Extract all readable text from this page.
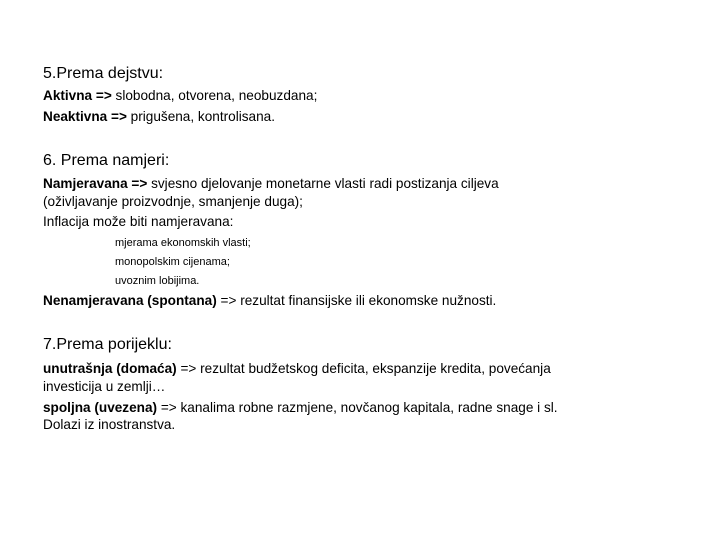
5.Prema dejstvu:
Aktivna => slobodna, otvorena, neobuzdana;
Neaktivna => prigušena, kontrolisana.
6. Prema namjeri:
Namjeravana => svjesno djelovanje monetarne vlasti radi postizanja ciljeva
(oživljavanje proizvodnje, smanjenje duga);
Inflacija može biti namjeravana:
mjerama ekonomskih vlasti;
monopolskim cijenama;
uvoznim lobijima.
Nenamjeravana (spontana) => rezultat finansijske ili ekonomske nužnosti.
7.Prema porijeklu:
unutrašnja (domaća) => rezultat budžetskog deficita, ekspanzije kredita, povećanja
investicija u zemlji…
spoljna (uvezena) => kanalima robne razmjene, novčanog kapitala, radne snage i sl.
Dolazi iz inostranstva.
